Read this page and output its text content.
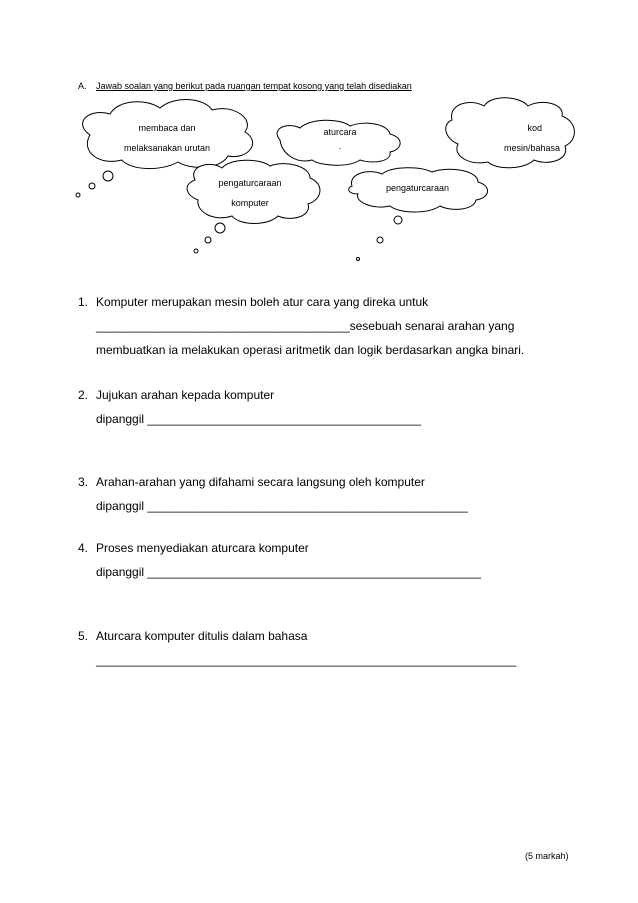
A. Jawab soalan yang berikut pada ruangan tempat kosong yang telah disediakan
membaca dan
melaksanakan urutan
aturcara
.
kod
mesin/bahasa
pengaturcaraan
komputer
pengaturcaraan
1. Komputer merupakan mesin boleh atur cara yang direka untuk
______________________________________sesebuah senarai arahan yang
membuatkan ia melakukan operasi aritmetik dan logik berdasarkan angka binari.
2. Jujukan arahan kepada komputer
dipanggil _________________________________________
3. Arahan-arahan yang difahami secara langsung oleh komputer
dipanggil ________________________________________________
4. Proses menyediakan aturcara komputer
dipanggil __________________________________________________
5. Aturcara komputer ditulis dalam bahasa
_______________________________________________________________
(5 markah)
